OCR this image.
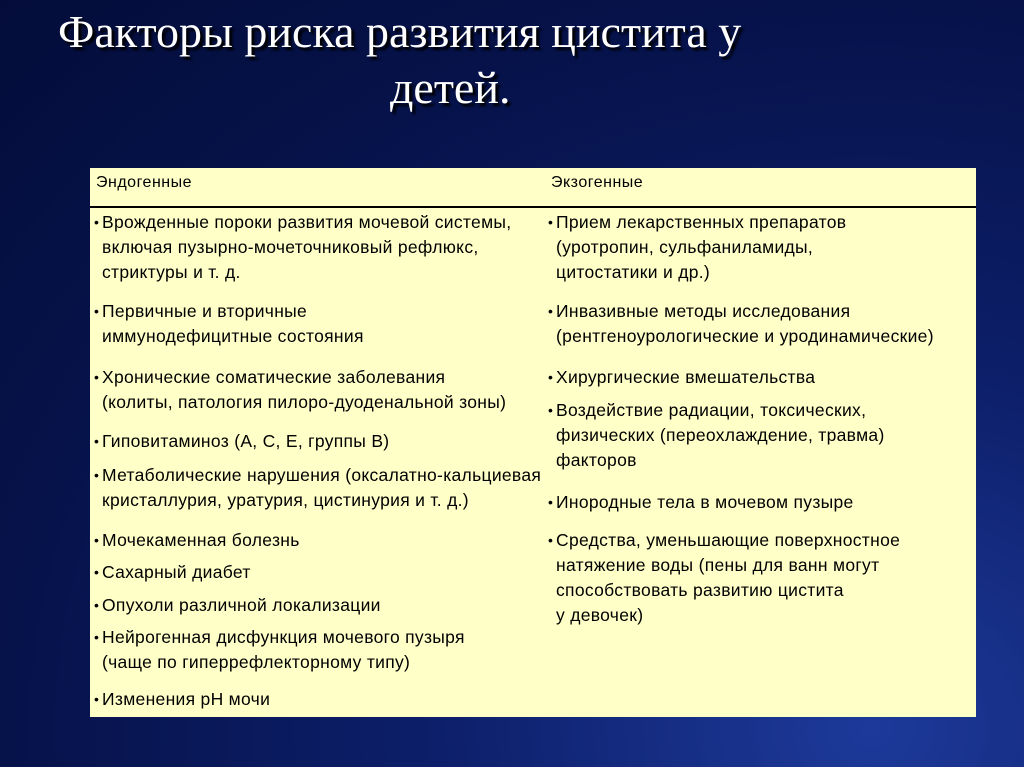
Факторы риска развития цистита у
детей.
Эндогенные	Экзогенные
• Врожденные пороки развития мочевой системы,
включая пузырно-мочеточниковый рефлюкс,
стриктуры и т. д.
• Первичные и вторичные
иммунодефицитные состояния
• Хронические соматические заболевания
(колиты, патология пилоро-дуоденальной зоны)
• Гиповитаминоз (А, С, Е, группы В)
• Метаболические нарушения (оксалатно-кальциевая
кристаллурия, уратурия, цистинурия и т. д.)
• Мочекаменная болезнь
• Сахарный диабет
• Опухоли различной локализации
• Нейрогенная дисфункция мочевого пузыря
(чаще по гиперрефлекторному типу)
• Изменения рН мочи
• Прием лекарственных препаратов
(уротропин, сульфаниламиды,
цитостатики и др.)
• Инвазивные методы исследования
(рентгеноурологические и уродинамические)
• Хирургические вмешательства
• Воздействие радиации, токсических,
физических (переохлаждение, травма)
факторов
• Инородные тела в мочевом пузыре
• Средства, уменьшающие поверхностное
натяжение воды (пены для ванн могут
способствовать развитию цистита
у девочек)
